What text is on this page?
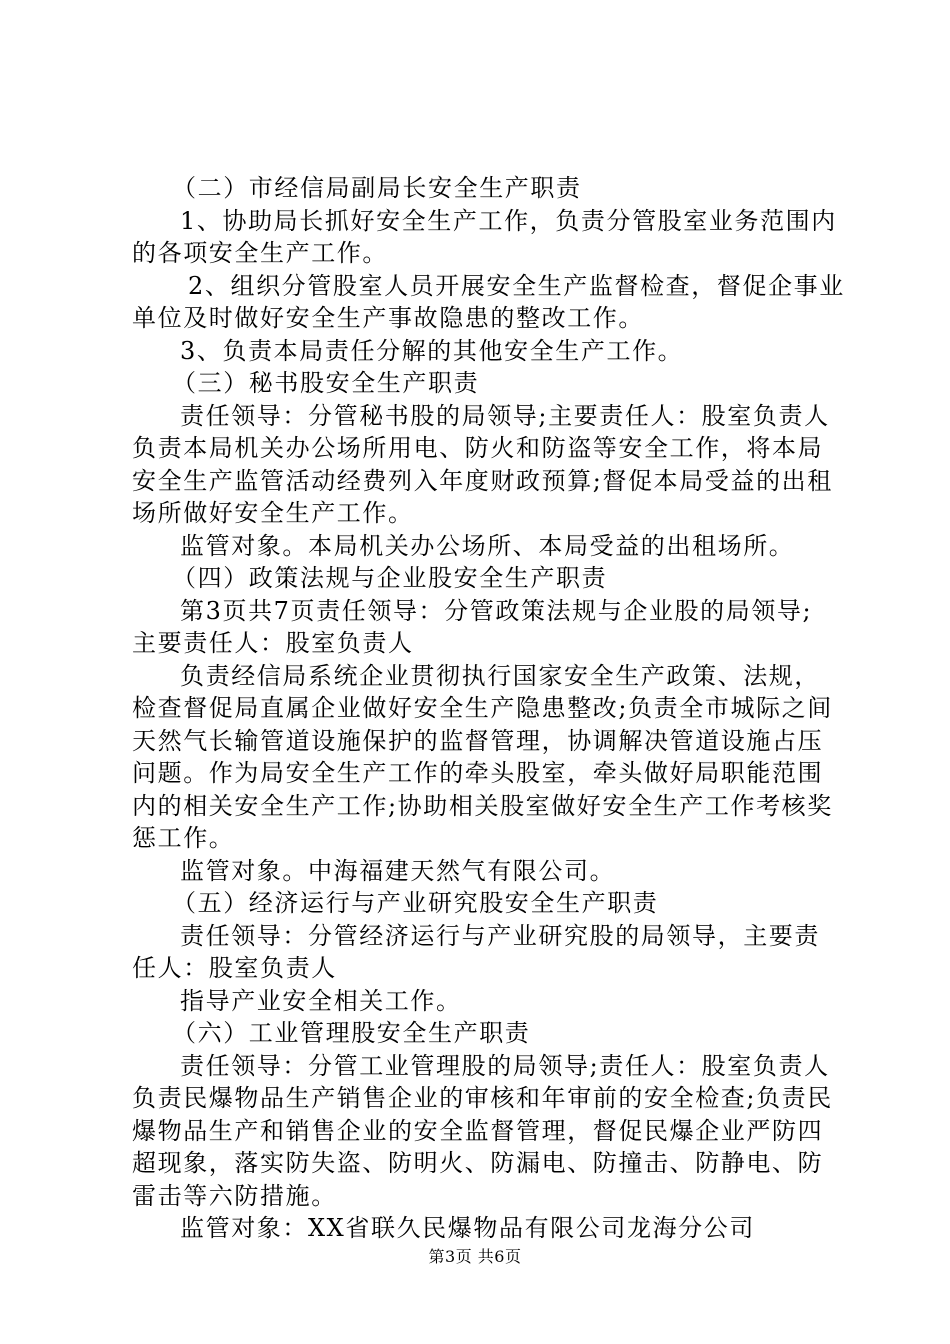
（二）市经信局副局长安全生产职责

1、协助局长抓好安全生产工作，负责分管股室业务范围内

的各项安全生产工作。

2、组织分管股室人员开展安全生产监督检查，督促企事业

单位及时做好安全生产事故隐患的整改工作。

3、负责本局责任分解的其他安全生产工作。

（三）秘书股安全生产职责

责任领导：分管秘书股的局领导;主要责任人：股室负责人

负责本局机关办公场所用电、防火和防盗等安全工作，将本局

安全生产监管活动经费列入年度财政预算;督促本局受益的出租

场所做好安全生产工作。

监管对象。本局机关办公场所、本局受益的出租场所。

（四）政策法规与企业股安全生产职责

第3页共7页责任领导：分管政策法规与企业股的局领导;

主要责任人：股室负责人

负责经信局系统企业贯彻执行国家安全生产政策、法规，

检查督促局直属企业做好安全生产隐患整改;负责全市城际之间

天然气长输管道设施保护的监督管理，协调解决管道设施占压

问题。作为局安全生产工作的牵头股室，牵头做好局职能范围

内的相关安全生产工作;协助相关股室做好安全生产工作考核奖

惩工作。

监管对象。中海福建天然气有限公司。

（五）经济运行与产业研究股安全生产职责

责任领导：分管经济运行与产业研究股的局领导，主要责

任人：股室负责人

指导产业安全相关工作。

（六）工业管理股安全生产职责

责任领导：分管工业管理股的局领导;责任人：股室负责人

负责民爆物品生产销售企业的审核和年审前的安全检查;负责民

爆物品生产和销售企业的安全监督管理，督促民爆企业严防四

超现象，落实防失盗、防明火、防漏电、防撞击、防静电、防

雷击等六防措施。

监管对象：XX省联久民爆物品有限公司龙海分公司

第3页 共6页
